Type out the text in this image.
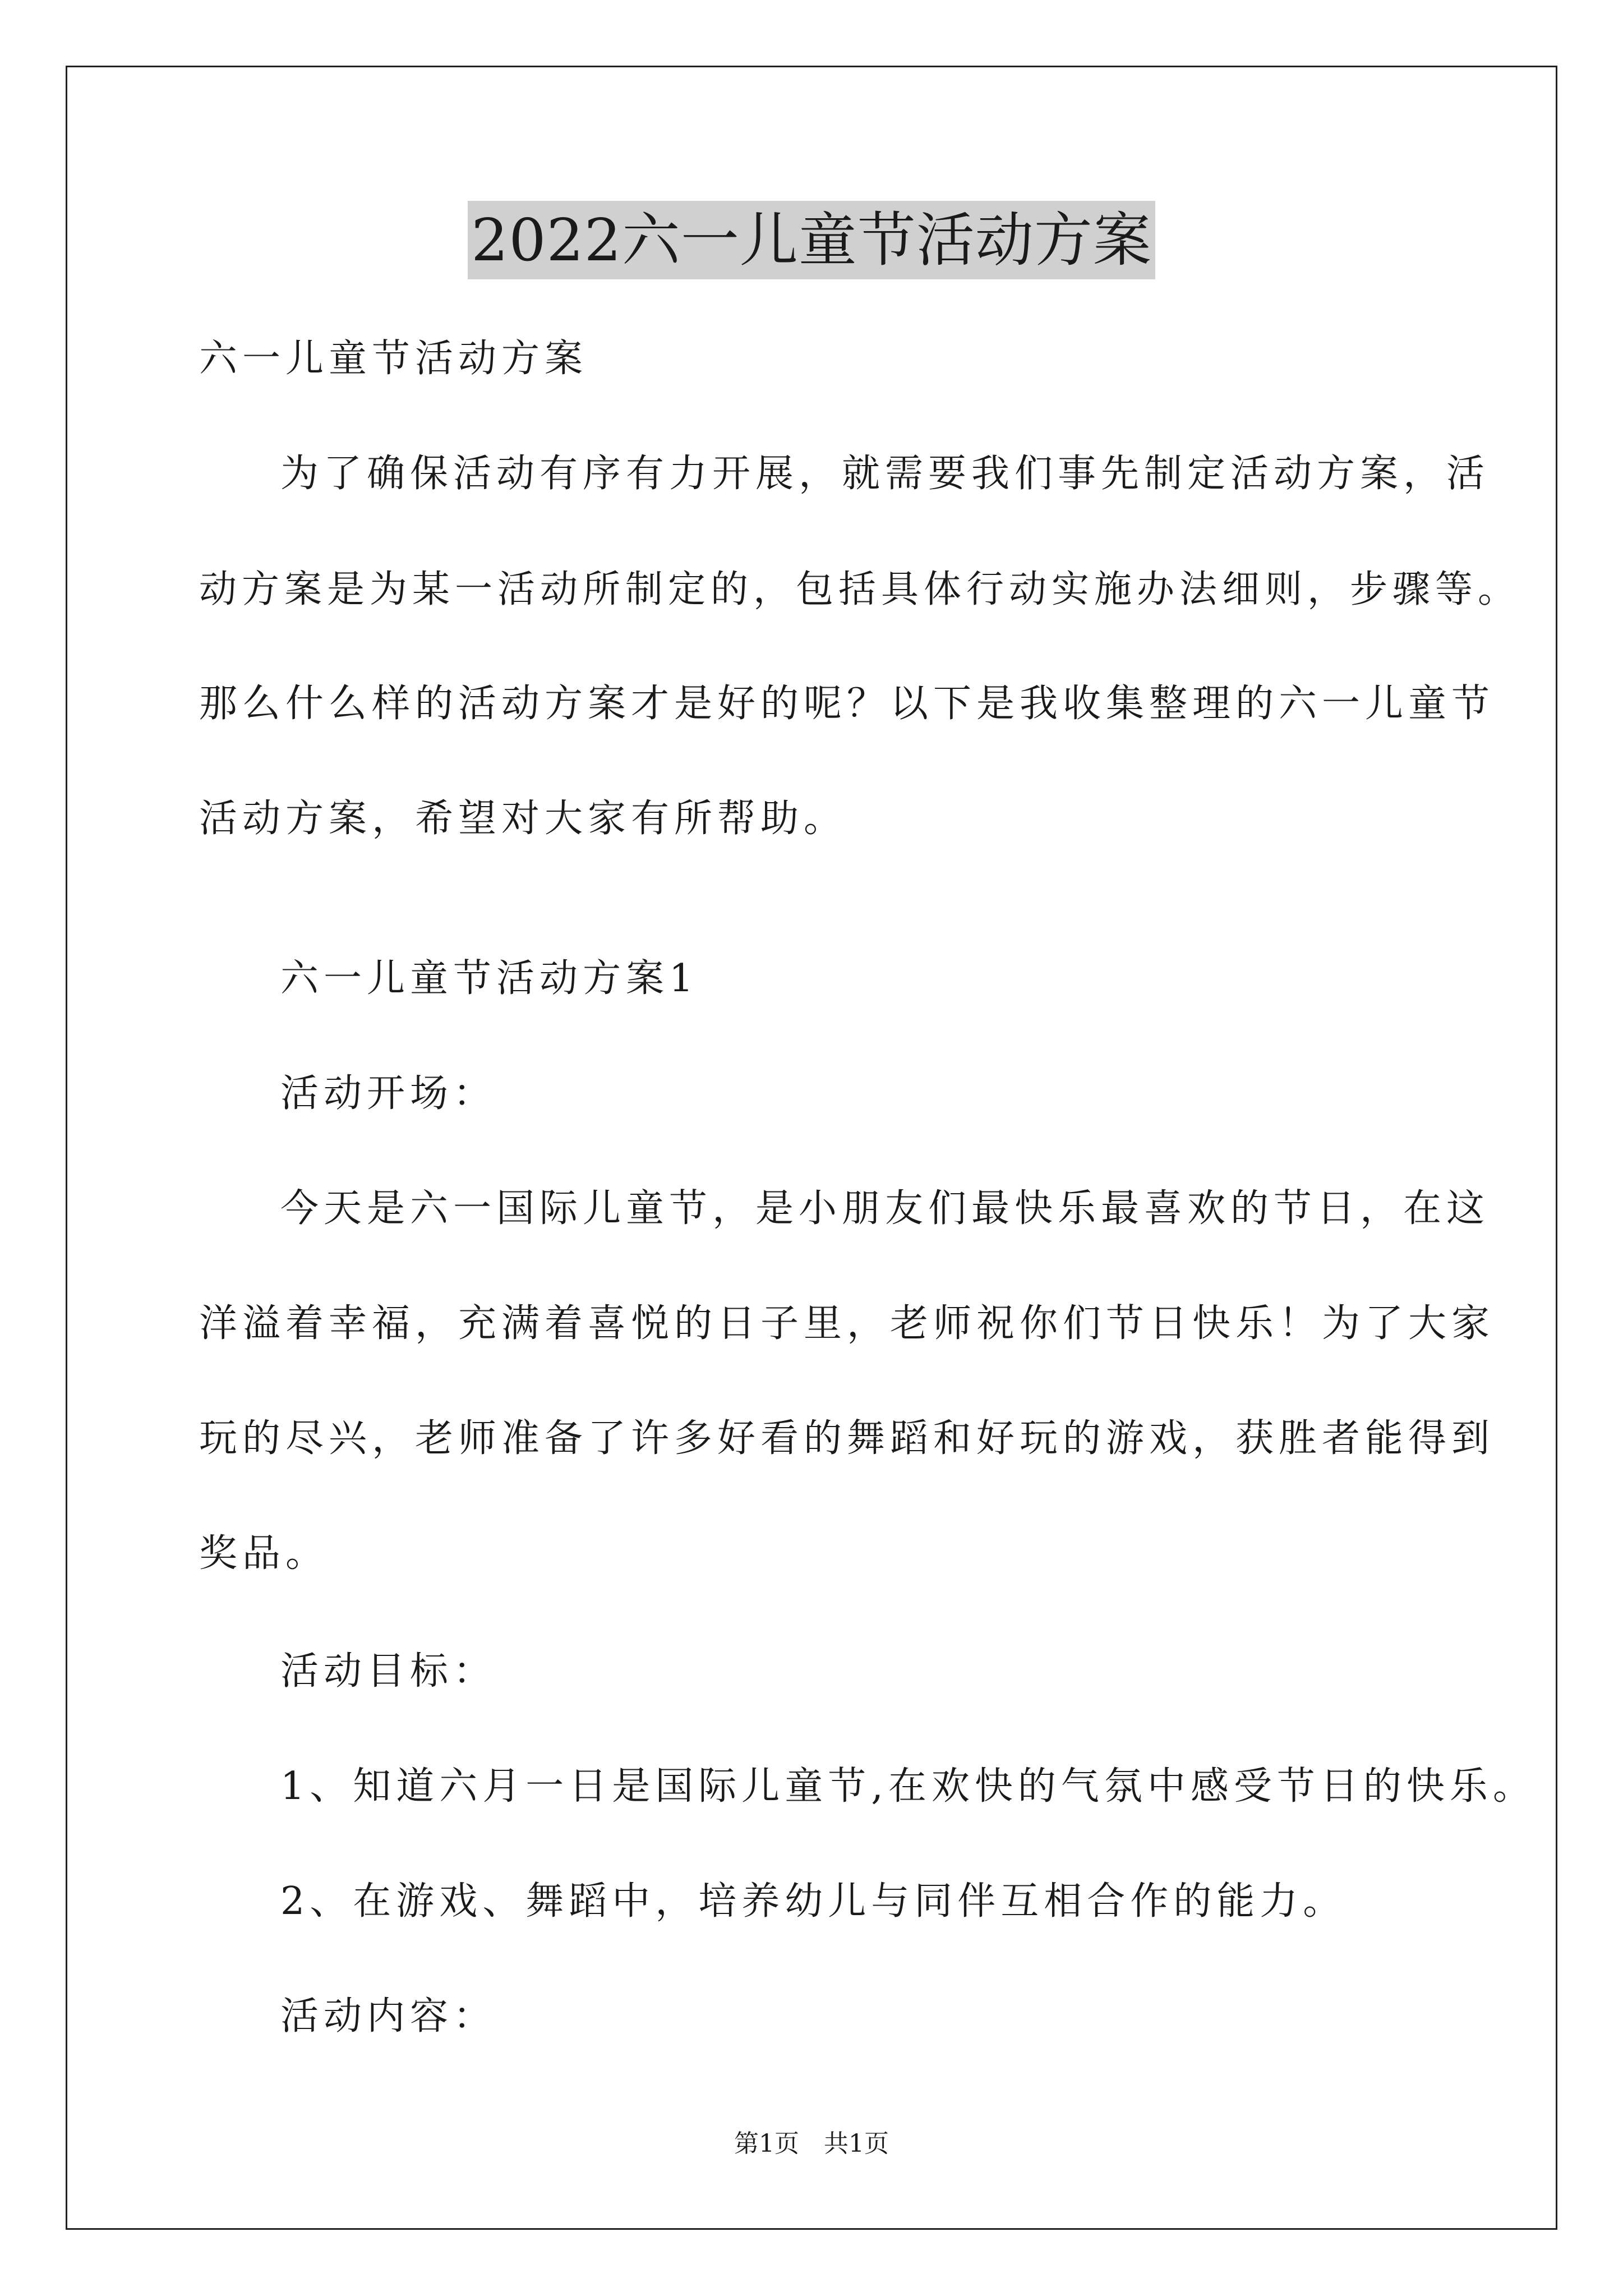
2022六一儿童节活动方案
六一儿童节活动方案
为了确保活动有序有力开展，就需要我们事先制定活动方案，活
动方案是为某一活动所制定的，包括具体行动实施办法细则，步骤等。
那么什么样的活动方案才是好的呢？以下是我收集整理的六一儿童节
活动方案，希望对大家有所帮助。
六一儿童节活动方案1
活动开场：
今天是六一国际儿童节，是小朋友们最快乐最喜欢的节日，在这
洋溢着幸福，充满着喜悦的日子里，老师祝你们节日快乐！为了大家
玩的尽兴，老师准备了许多好看的舞蹈和好玩的游戏，获胜者能得到
奖品。
活动目标：
1、知道六月一日是国际儿童节,在欢快的气氛中感受节日的快乐。
2、在游戏、舞蹈中，培养幼儿与同伴互相合作的能力。
活动内容：
第1页　共1页
